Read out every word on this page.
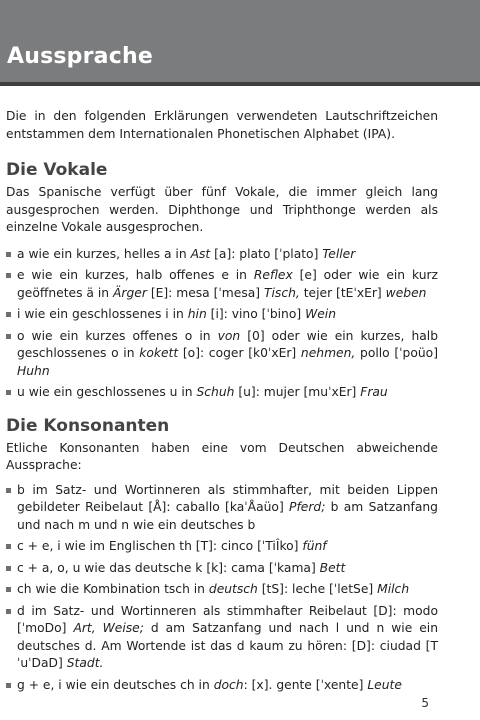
Aussprache

Die in den folgenden Erklärungen verwendeten Lautschriftzeichen entstammen dem Internationalen Phonetischen Alphabet (IPA).

Die Vokale

Das Spanische verfügt über fünf Vokale, die immer gleich lang ausgesprochen werden. Diphthonge und Triphthonge werden als einzelne Vokale ausgesprochen.

a wie ein kurzes, helles a in Ast [a]: plato [ˈplato] Teller
e wie ein kurzes, halb offenes e in Reflex [e] oder wie ein kurz geöffnetes ä in Ärger [E]: mesa [ˈmesa] Tisch, tejer [tEˈxEr] weben
i wie ein geschlossenes i in hin [i]: vino [ˈbino] Wein
o wie ein kurzes offenes o in von [0] oder wie ein kurzes, halb geschlossenes o in kokett [o]: coger [k0ˈxEr] nehmen, pollo [ˈpoüo] Huhn
u wie ein geschlossenes u in Schuh [u]: mujer [muˈxEr] Frau
Die Konsonanten

Etliche Konsonanten haben eine vom Deutschen abweichende Aussprache:

b im Satz- und Wortinneren als stimmhafter, mit beiden Lippen gebildeter Reibelaut [Å]: caballo [kaˈÅaüo] Pferd; b am Satzanfang und nach m und n wie ein deutsches b
c + e, i wie im Englischen th [T]: cinco [ˈTiÎko] fünf
c + a, o, u wie das deutsche k [k]: cama [ˈkama] Bett
ch wie die Kombination tsch in deutsch [tS]: leche [ˈletSe] Milch
d im Satz- und Wortinneren als stimmhafter Reibelaut [D]: modo [ˈmoDo] Art, Weise; d am Satzanfang und nach l und n wie ein deutsches d. Am Wortende ist das d kaum zu hören: [D]: ciudad [TˈuˈDaD] Stadt.
g + e, i wie ein deutsches ch in doch: [x]. gente [ˈxente] Leute
5
